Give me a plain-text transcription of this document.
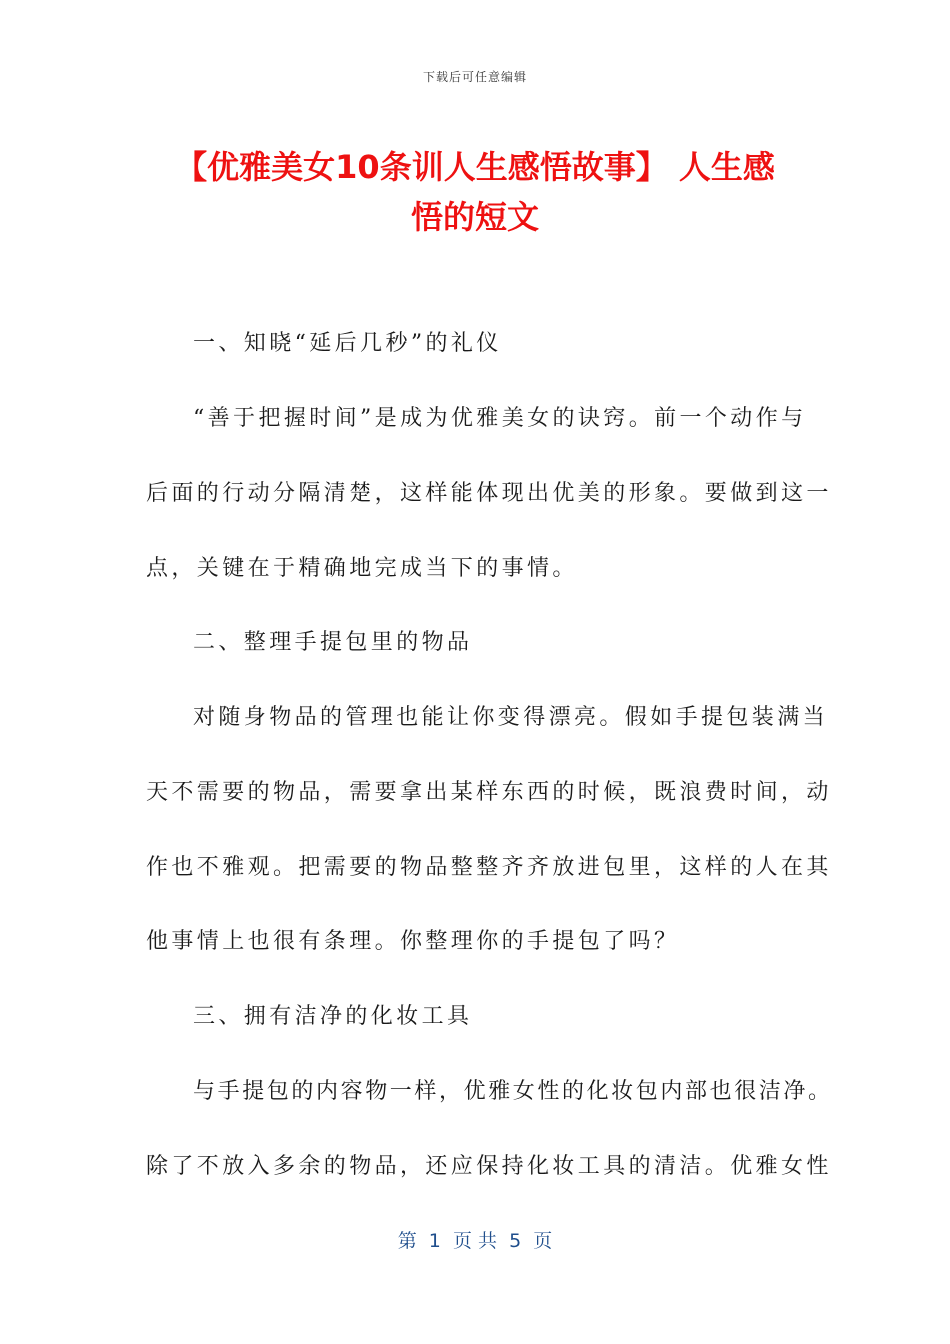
下载后可任意编辑
【优雅美女10条训人生感悟故事】 人生感
悟的短文

一、知晓“延后几秒”的礼仪

“善于把握时间”是成为优雅美女的诀窍。前一个动作与

后面的行动分隔清楚，这样能体现出优美的形象。要做到这一

点，关键在于精确地完成当下的事情。

二、整理手提包里的物品

对随身物品的管理也能让你变得漂亮。假如手提包装满当

天不需要的物品，需要拿出某样东西的时候，既浪费时间，动

作也不雅观。把需要的物品整整齐齐放进包里，这样的人在其

他事情上也很有条理。你整理你的手提包了吗？

三、拥有洁净的化妆工具

与手提包的内容物一样，优雅女性的化妆包内部也很洁净。

除了不放入多余的物品，还应保持化妆工具的清洁。优雅女性

第  1  页 共  5  页
